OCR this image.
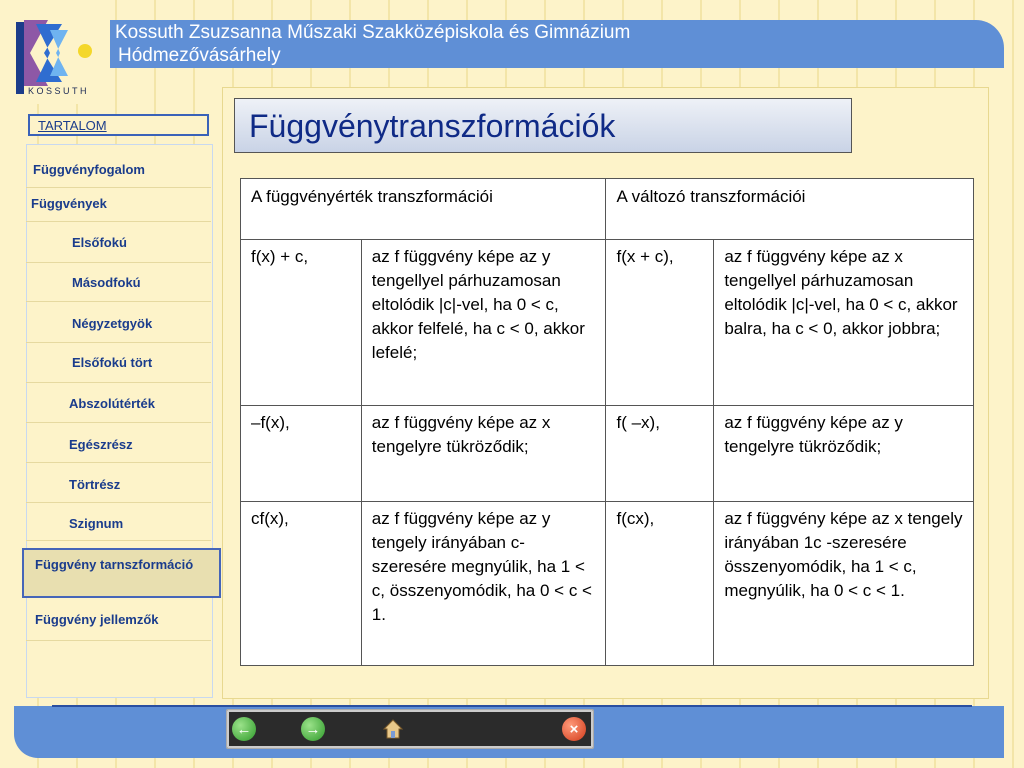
KOSSUTH
Kossuth Zsuzsanna Műszaki Szakközépiskola és Gimnázium
Hódmezővásárhely
TARTALOM
Függvényfogalom
Függvények
Elsőfokú
Másodfokú
Négyzetgyök
Elsőfokú tört
Abszolútérték
Egészrész
Törtrész
Szignum
Függvény tarnszformáció
Függvény jellemzők
Függvénytranszformációk
A függvényérték transzformációi		A változó transzformációi	
f(x) + c,	az f függvény képe az y tengellyel párhuzamosan eltolódik |c|-vel, ha 0 < c, akkor felfelé, ha c < 0, akkor lefelé;	f(x + c),	az f függvény képe az x tengellyel párhuzamosan eltolódik |c|-vel, ha 0 < c, akkor balra, ha c < 0, akkor jobbra;
–f(x),	az f függvény képe az x tengelyre tükröződik;	f( –x),	az f függvény képe az y tengelyre tükröződik;
cf(x),	az f függvény képe az y tengely irányában c-szeresére megnyúlik, ha 1 < c, összenyomódik, ha 0 < c < 1.	f(cx),	az f függvény képe az x tengely irányában 1c -szeresére összenyomódik, ha 1 < c, megnyúlik, ha 0 < c < 1.
←	→	×
